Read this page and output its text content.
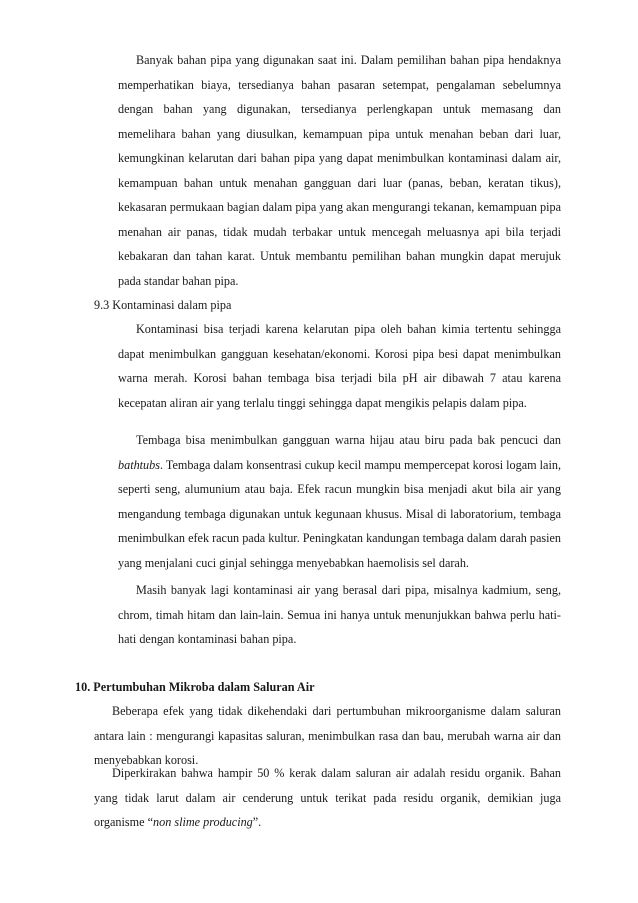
Banyak bahan pipa yang digunakan saat ini. Dalam pemilihan bahan pipa hendaknya memperhatikan biaya, tersedianya bahan pasaran setempat, pengalaman sebelumnya dengan bahan yang digunakan, tersedianya perlengkapan untuk memasang dan memelihara bahan yang diusulkan, kemampuan pipa untuk menahan beban dari luar, kemungkinan kelarutan dari bahan pipa yang dapat menimbulkan kontaminasi dalam air, kemampuan bahan untuk menahan gangguan dari luar (panas, beban, keratan tikus), kekasaran permukaan bagian dalam pipa yang akan mengurangi tekanan, kemampuan pipa menahan air panas, tidak mudah terbakar untuk mencegah meluasnya api bila terjadi kebakaran dan tahan karat. Untuk membantu pemilihan bahan mungkin dapat merujuk pada standar bahan pipa.

9.3 Kontaminasi dalam pipa

Kontaminasi bisa terjadi karena kelarutan pipa oleh bahan kimia tertentu sehingga dapat menimbulkan gangguan kesehatan/ekonomi. Korosi pipa besi dapat menimbulkan warna merah. Korosi bahan tembaga bisa terjadi bila pH air dibawah 7 atau karena kecepatan aliran air yang terlalu tinggi sehingga dapat mengikis pelapis dalam pipa.

Tembaga bisa menimbulkan gangguan warna hijau atau biru pada bak pencuci dan bathtubs. Tembaga dalam konsentrasi cukup kecil mampu mempercepat korosi logam lain, seperti seng, alumunium atau baja. Efek racun mungkin bisa menjadi akut bila air yang mengandung tembaga digunakan untuk kegunaan khusus. Misal di laboratorium, tembaga menimbulkan efek racun pada kultur. Peningkatan kandungan tembaga dalam darah pasien yang menjalani cuci ginjal sehingga menyebabkan haemolisis sel darah.

Masih banyak lagi kontaminasi air yang berasal dari pipa, misalnya kadmium, seng, chrom, timah hitam dan lain-lain. Semua ini hanya untuk menunjukkan bahwa perlu hati-hati dengan kontaminasi bahan pipa.

10. Pertumbuhan Mikroba dalam Saluran Air

Beberapa efek yang tidak dikehendaki dari pertumbuhan mikroorganisme dalam saluran antara lain : mengurangi kapasitas saluran, menimbulkan rasa dan bau, merubah warna air dan menyebabkan korosi.

Diperkirakan bahwa hampir 50 % kerak dalam saluran air adalah residu organik. Bahan yang tidak larut dalam air cenderung untuk terikat pada residu organik, demikian juga organisme “non slime producing”.
